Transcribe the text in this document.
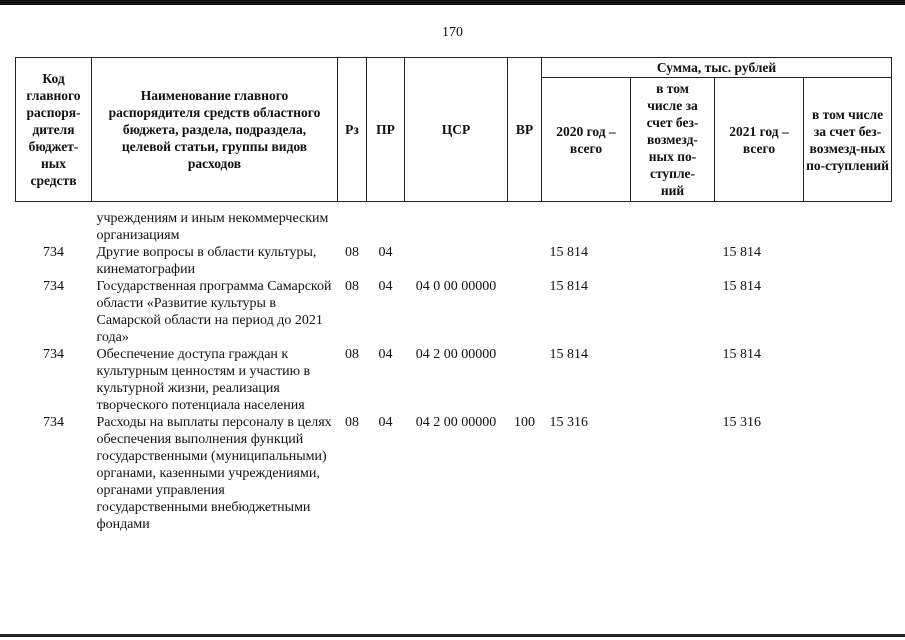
170
Код главного распоря-дителя бюджет-ных средств	Наименование главного распорядителя средств областного бюджета, раздела, подраздела, целевой статьи, группы видов расходов	Рз	ПР	ЦСР	ВР	Сумма, тыс. рублей			
						2020 год – всего	в том числе за счет без-возмезд-ных по-ступле-ний	2021 год – всего	в том числе за счет без-возмезд-ных по-ступлений
	учреждениям и иным некоммерческим организациям								
734	Другие вопросы в области культуры, кинематографии	08	04			15 814		15 814	
734	Государственная программа Самарской области «Развитие культуры в Самарской области на период до 2021 года»	08	04	04 0 00 00000		15 814		15 814	
734	Обеспечение доступа граждан к культурным ценностям и участию в культурной жизни, реализация творческого потенциала населения	08	04	04 2 00 00000		15 814		15 814	
734	Расходы на выплаты персоналу в целях обеспечения выполнения функций государственными (муниципальными) органами, казенными учреждениями, органами управления государственными внебюджетными фондами	08	04	04 2 00 00000	100	15 316		15 316	
